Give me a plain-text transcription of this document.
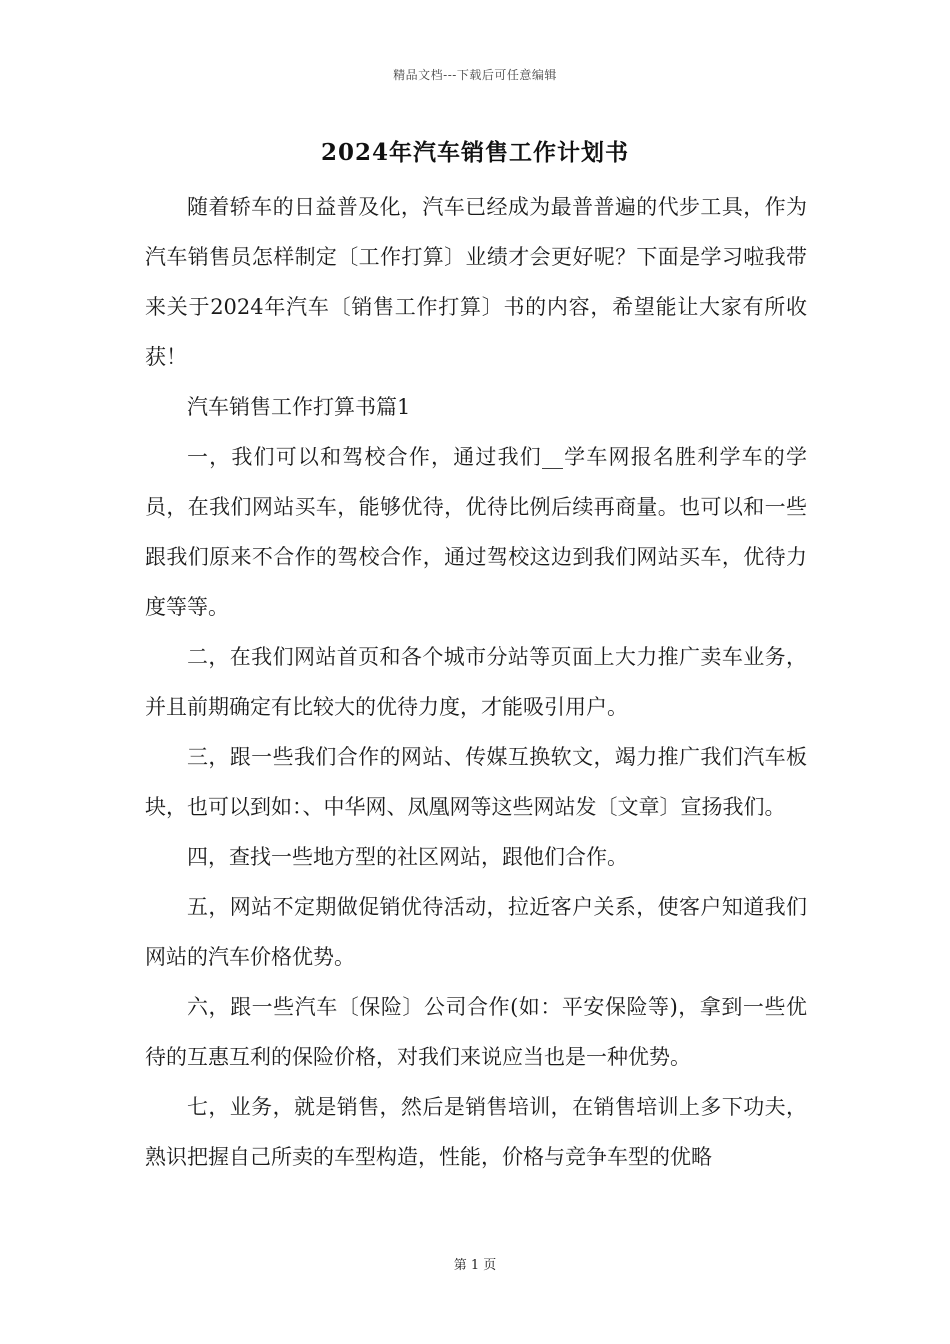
精品文档---下载后可任意编辑
2024年汽车销售工作计划书

随着轿车的日益普及化，汽车已经成为最普普遍的代步工具，作为汽车销售员怎样制定〔工作打算〕业绩才会更好呢？下面是学习啦我带来关于2024年汽车〔销售工作打算〕书的内容，希望能让大家有所收获！

汽车销售工作打算书篇1

一，我们可以和驾校合作，通过我们__学车网报名胜利学车的学员，在我们网站买车，能够优待，优待比例后续再商量。也可以和一些跟我们原来不合作的驾校合作，通过驾校这边到我们网站买车，优待力度等等。

二，在我们网站首页和各个城市分站等页面上大力推广卖车业务，并且前期确定有比较大的优待力度，才能吸引用户。

三，跟一些我们合作的网站、传媒互换软文，竭力推广我们汽车板块，也可以到如：、中华网、凤凰网等这些网站发〔文章〕宣扬我们。

四，查找一些地方型的社区网站，跟他们合作。

五，网站不定期做促销优待活动，拉近客户关系，使客户知道我们网站的汽车价格优势。

六，跟一些汽车〔保险〕公司合作(如：平安保险等)，拿到一些优待的互惠互利的保险价格，对我们来说应当也是一种优势。

七，业务，就是销售，然后是销售培训，在销售培训上多下功夫，熟识把握自己所卖的车型构造，性能，价格与竞争车型的优略

第 1 页
